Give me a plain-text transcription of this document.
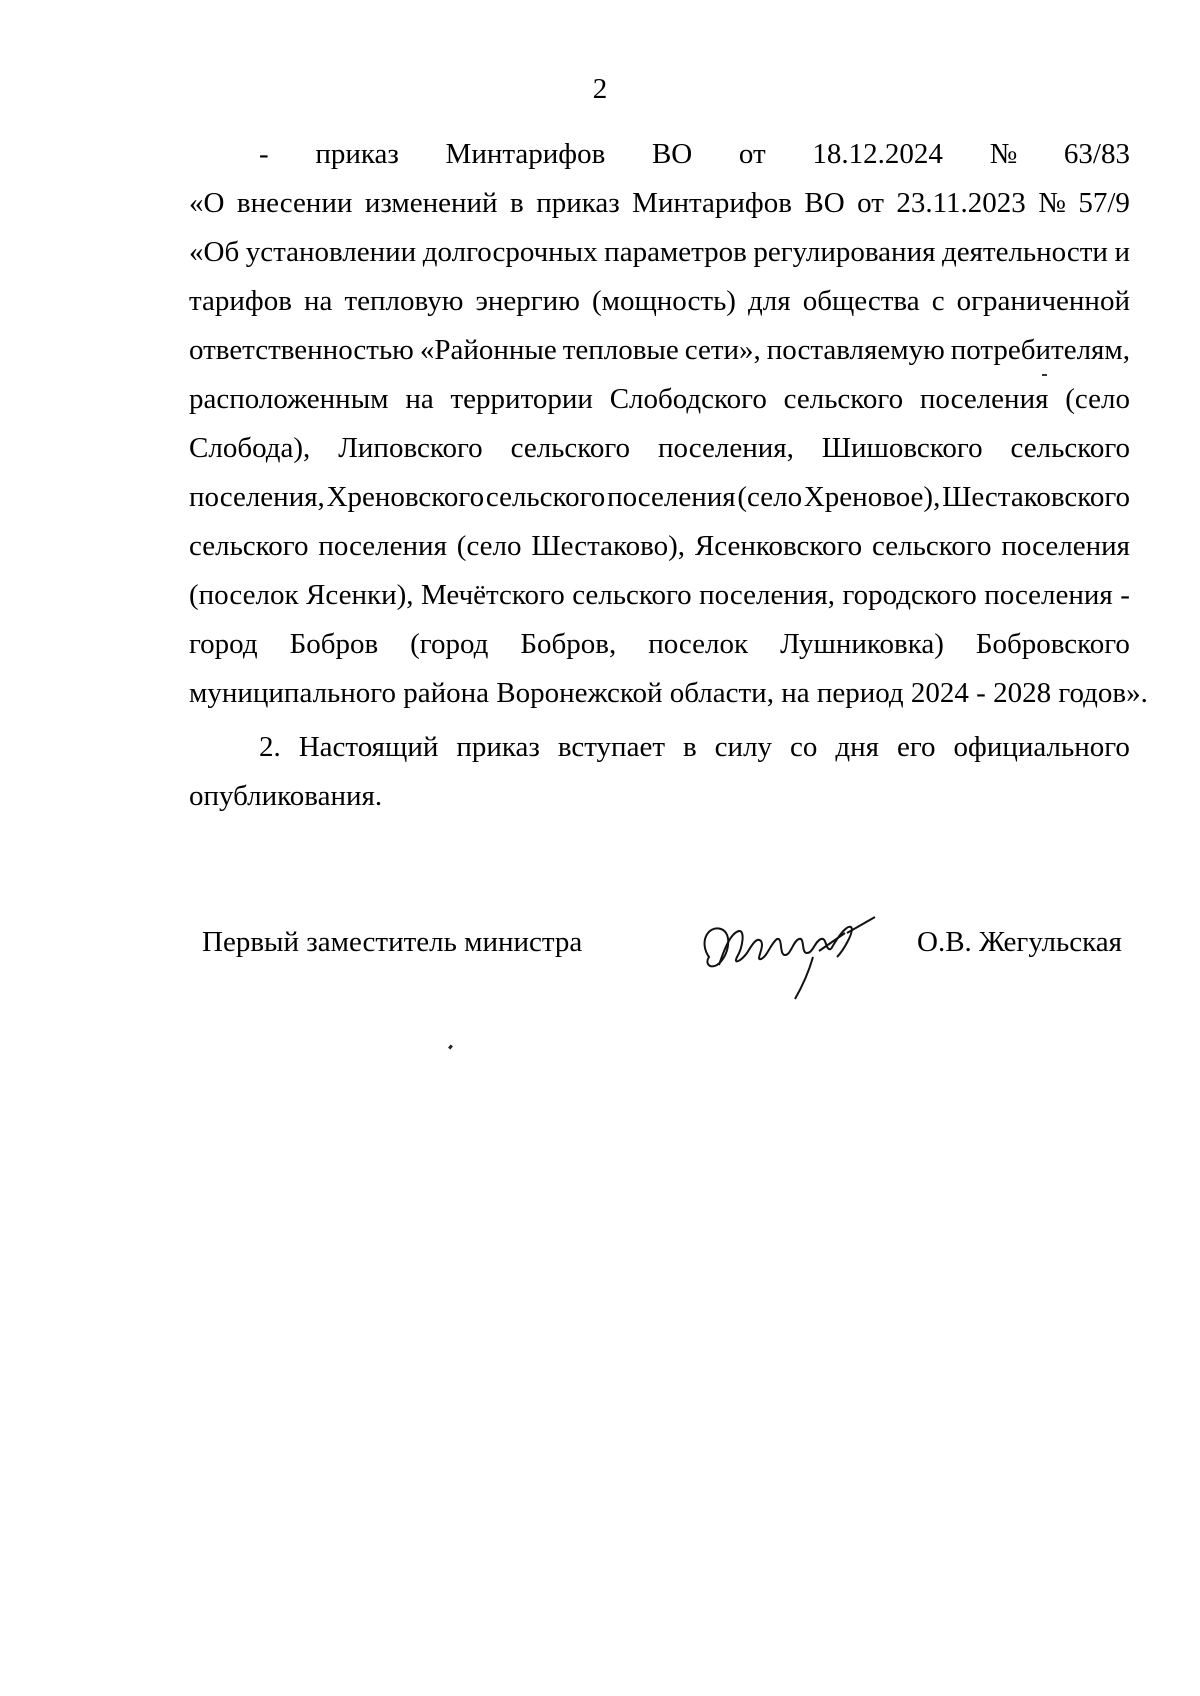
2
- приказ Минтарифов ВО от 18.12.2024 № 63/83
«О внесении изменений в приказ Минтарифов ВО от 23.11.2023 № 57/9
«Об установлении долгосрочных параметров регулирования деятельности и
тарифов на тепловую энергию (мощность) для общества с ограниченной
ответственностью «Районные тепловые сети», поставляемую потребителям,
расположенным на территории Слободского сельского поселения (село
Слобода), Липовского сельского поселения, Шишовского сельского
поселения, Хреновского сельского поселения (село Хреновое), Шестаковского
сельского поселения (село Шестаково), Ясенковского сельского поселения
(поселок Ясенки), Мечётского сельского поселения, городского поселения -
город Бобров (город Бобров, поселок Лушниковка) Бобровского
муниципального района Воронежской области, на период 2024 - 2028 годов».
2. Настоящий приказ вступает в силу со дня его официального
опубликования.
Первый заместитель министра	О.В. Жегульская
